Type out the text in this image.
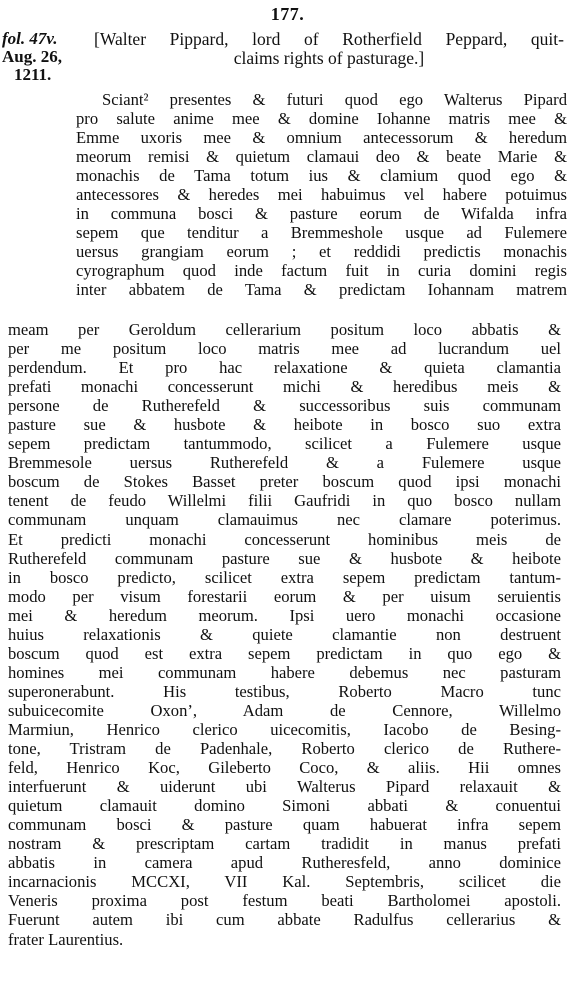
177.
fol. 47v.
Aug. 26,
1211.
[Walter Pippard, lord of Rotherfield Peppard, quit-
claims rights of pasturage.]
Sciant² presentes & futuri quod ego Walterus Pipard
pro salute anime mee & domine Iohanne matris mee &
Emme uxoris mee & omnium antecessorum & heredum
meorum remisi & quietum clamaui deo & beate Marie &
monachis de Tama totum ius & clamium quod ego &
antecessores & heredes mei habuimus vel habere potuimus
in communa bosci & pasture eorum de Wifalda infra
sepem que tenditur a Bremmeshole usque ad Fulemere
uersus grangiam eorum ; et reddidi predictis monachis
cyrographum quod inde factum fuit in curia domini regis
inter abbatem de Tama & predictam Iohannam matrem
meam per Geroldum cellerarium positum loco abbatis &
per me positum loco matris mee ad lucrandum uel
perdendum. Et pro hac relaxatione & quieta clamantia
prefati monachi concesserunt michi & heredibus meis &
persone de Rutherefeld & successoribus suis communam
pasture sue & husbote & heibote in bosco suo extra
sepem predictam tantummodo, scilicet a Fulemere usque
Bremmesole uersus Rutherefeld & a Fulemere usque
boscum de Stokes Basset preter boscum quod ipsi monachi
tenent de feudo Willelmi filii Gaufridi in quo bosco nullam
communam unquam clamauimus nec clamare poterimus.
Et predicti monachi concesserunt hominibus meis de
Rutherefeld communam pasture sue & husbote & heibote
in bosco predicto, scilicet extra sepem predictam tantum-
modo per visum forestarii eorum & per uisum seruientis
mei & heredum meorum. Ipsi uero monachi occasione
huius relaxationis & quiete clamantie non destruent
boscum quod est extra sepem predictam in quo ego &
homines mei communam habere debemus nec pasturam
superonerabunt. His testibus, Roberto Macro tunc
subuicecomite Oxon’, Adam de Cennore, Willelmo
Marmiun, Henrico clerico uicecomitis, Iacobo de Besing-
tone, Tristram de Padenhale, Roberto clerico de Ruthere-
feld, Henrico Koc, Gileberto Coco, & aliis. Hii omnes
interfuerunt & uiderunt ubi Walterus Pipard relaxauit &
quietum clamauit domino Simoni abbati & conuentui
communam bosci & pasture quam habuerat infra sepem
nostram & prescriptam cartam tradidit in manus prefati
abbatis in camera apud Rutheresfeld, anno dominice
incarnacionis MCCXI, VII Kal. Septembris, scilicet die
Veneris proxima post festum beati Bartholomei apostoli.
Fuerunt autem ibi cum abbate Radulfus cellerarius &
frater Laurentius.
